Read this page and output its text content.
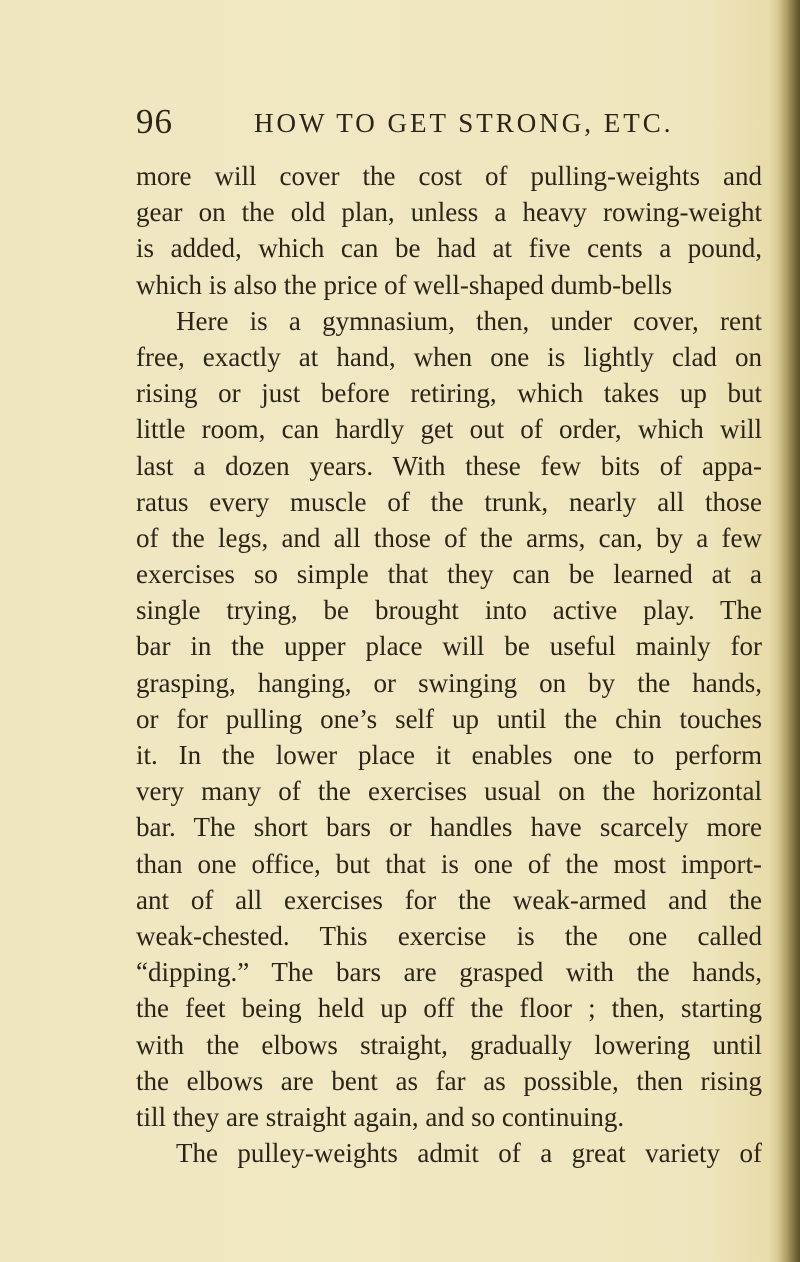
96	HOW TO GET STRONG, ETC.
more will cover the cost of pulling-weights and
gear on the old plan, unless a heavy rowing-weight
is added, which can be had at five cents a pound,
which is also the price of well-shaped dumb-bells
Here is a gymnasium, then, under cover, rent
free, exactly at hand, when one is lightly clad on
rising or just before retiring, which takes up but
little room, can hardly get out of order, which will
last a dozen years. With these few bits of appa-
ratus every muscle of the trunk, nearly all those
of the legs, and all those of the arms, can, by a few
exercises so simple that they can be learned at a
single trying, be brought into active play. The
bar in the upper place will be useful mainly for
grasping, hanging, or swinging on by the hands,
or for pulling one’s self up until the chin touches
it. In the lower place it enables one to perform
very many of the exercises usual on the horizontal
bar. The short bars or handles have scarcely more
than one office, but that is one of the most import-
ant of all exercises for the weak-armed and the
weak-chested. This exercise is the one called
“dipping.” The bars are grasped with the hands,
the feet being held up off the floor ; then, starting
with the elbows straight, gradually lowering until
the elbows are bent as far as possible, then rising
till they are straight again, and so continuing.
The pulley-weights admit of a great variety of
